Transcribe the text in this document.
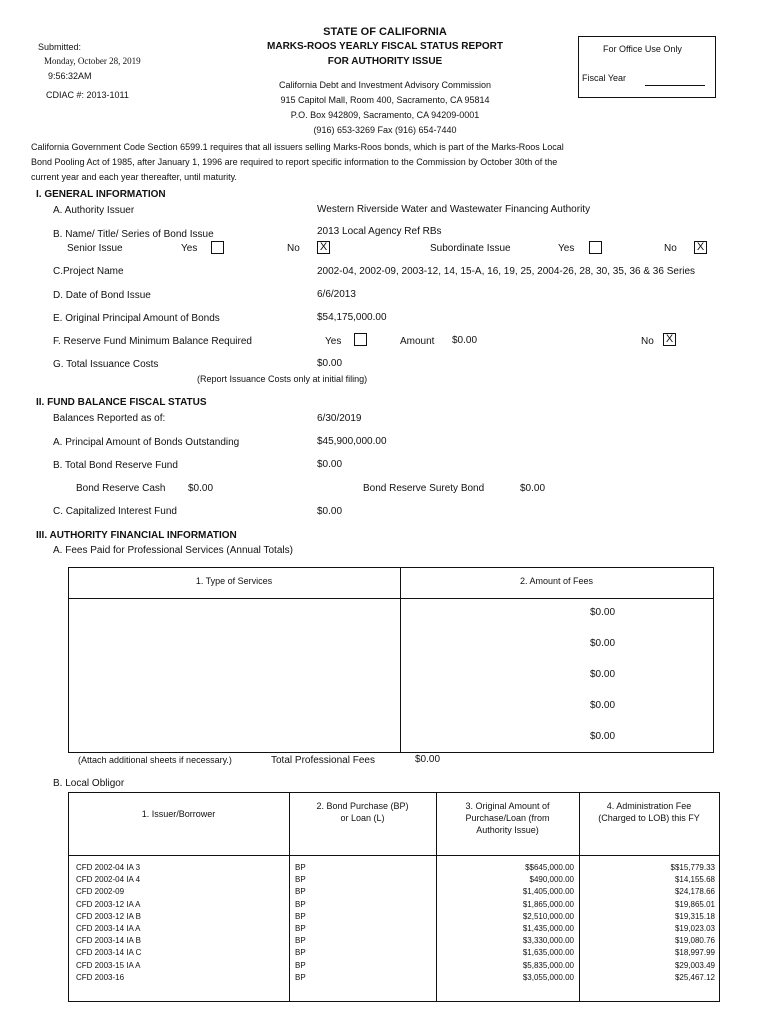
STATE OF CALIFORNIA
MARKS-ROOS YEARLY FISCAL STATUS REPORT
FOR AUTHORITY ISSUE
California Debt and Investment Advisory Commission
915 Capitol Mall, Room 400, Sacramento, CA 95814
P.O. Box 942809, Sacramento, CA 94209-0001
(916) 653-3269 Fax (916) 654-7440
Submitted:
Monday, October 28, 2019
9:56:32AM
CDIAC #: 2013-1011
For Office Use Only
Fiscal Year
California Government Code Section 6599.1 requires that all issuers selling Marks-Roos bonds, which is part of the Marks-Roos Local
Bond Pooling Act of 1985, after January 1, 1996 are required to report specific information to the Commission by October 30th of the
current year and each year thereafter, until maturity.
I. GENERAL INFORMATION
A. Authority Issuer	Western Riverside Water and Wastewater Financing Authority
B. Name/ Title/ Series of Bond Issue	2013 Local Agency Ref RBs
Senior Issue	Yes	No X	Subordinate Issue	Yes	No X
C.Project Name	2002-04, 2002-09, 2003-12, 14, 15-A, 16, 19, 25, 2004-26, 28, 30, 35, 36 & 36 Series
D. Date of Bond Issue	6/6/2013
E. Original Principal Amount of Bonds	$54,175,000.00
F. Reserve Fund Minimum Balance Required	Yes	Amount $0.00	No X
G. Total Issuance Costs	$0.00
(Report Issuance Costs only at initial filing)
II. FUND BALANCE FISCAL STATUS
Balances Reported as of:	6/30/2019
A. Principal Amount of Bonds Outstanding	$45,900,000.00
B. Total Bond Reserve Fund	$0.00
Bond Reserve Cash $0.00	Bond Reserve Surety Bond	$0.00
C. Capitalized Interest Fund	$0.00
III. AUTHORITY FINANCIAL INFORMATION
A. Fees Paid for Professional Services (Annual Totals)
1. Type of Services	2. Amount of Fees
$0.00
$0.00
$0.00
$0.00
$0.00
(Attach additional sheets if necessary.)	Total Professional Fees	$0.00
B. Local Obligor
1. Issuer/Borrower
2. Bond Purchase (BP)
or Loan (L)
3. Original Amount of
Purchase/Loan (from
Authority Issue)
4. Administration Fee
(Charged to LOB) this FY
CFD 2002-04 IA 3	BP	$$645,000.00	$$15,779.33
CFD 2002-04 IA 4	BP	$490,000.00	$14,155.68
CFD 2002-09	BP	$1,405,000.00	$24,178.66
CFD 2003-12 IA A	BP	$1,865,000.00	$19,865.01
CFD 2003-12 IA B	BP	$2,510,000.00	$19,315.18
CFD 2003-14 IA A	BP	$1,435,000.00	$19,023.03
CFD 2003-14 IA B	BP	$3,330,000.00	$19,080.76
CFD 2003-14 IA C	BP	$1,635,000.00	$18,997.99
CFD 2003-15 IA A	BP	$5,835,000.00	$29,003.49
CFD 2003-16	BP	$3,055,000.00	$25,467.12
